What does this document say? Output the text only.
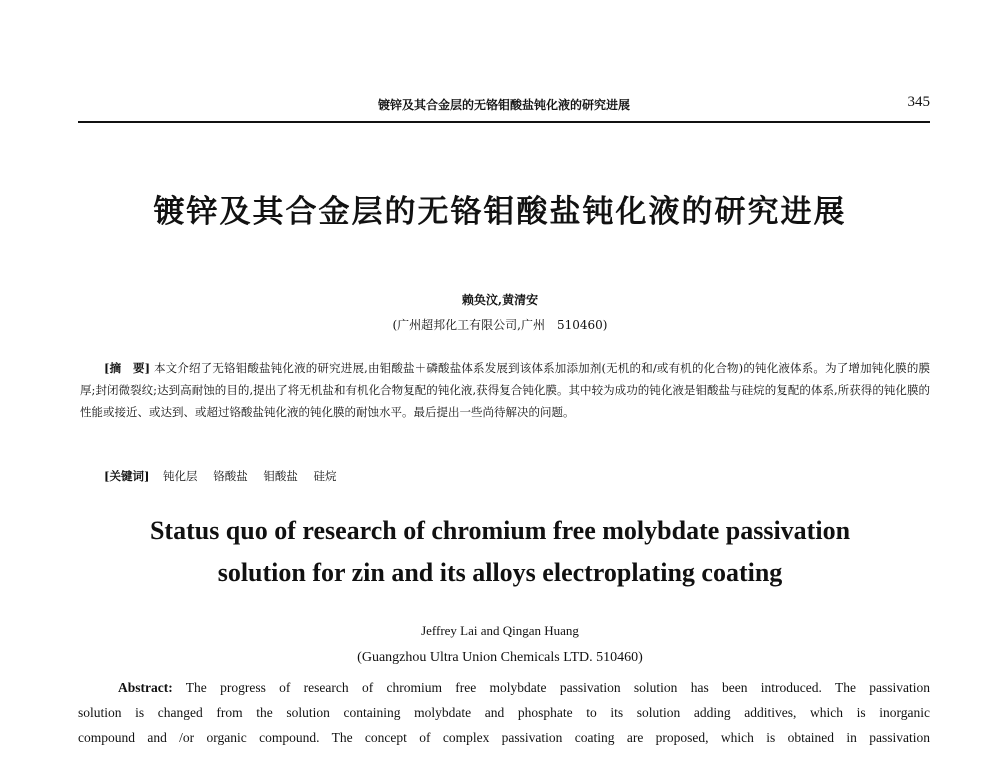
镀锌及其合金层的无铬钼酸盐钝化液的研究进展	345
镀锌及其合金层的无铬钼酸盐钝化液的研究进展
赖奂汶,黄清安
(广州超邦化工有限公司,广州　510460)
[摘　要] 本文介绍了无铬钼酸盐钝化液的研究进展,由钼酸盐＋磷酸盐体系发展到该体系加添加剂(无机的和/或有机的化合物)的钝化液体系。为了增加钝化膜的膜厚;封闭微裂纹;达到高耐蚀的目的,提出了将无机盐和有机化合物复配的钝化液,获得复合钝化膜。其中较为成功的钝化液是钼酸盐与硅烷的复配的体系,所获得的钝化膜的性能或接近、或达到、或超过铬酸盐钝化液的钝化膜的耐蚀水平。最后提出一些尚待解决的问题。
[关键词] 钝化层 铬酸盐 钼酸盐 硅烷
Status quo of research of chromium free molybdate passivation
solution for zin and its alloys electroplating coating
Jeffrey Lai and Qingan Huang
(Guangzhou Ultra Union Chemicals LTD. 510460)
Abstract: The progress of research of chromium free molybdate passivation solution has been introduced. The passivation
solution is changed from the solution containing molybdate and phosphate to its solution adding additives, which is inorganic
compound and /or organic compound. The concept of complex passivation coating are proposed, which is obtained in passivation
